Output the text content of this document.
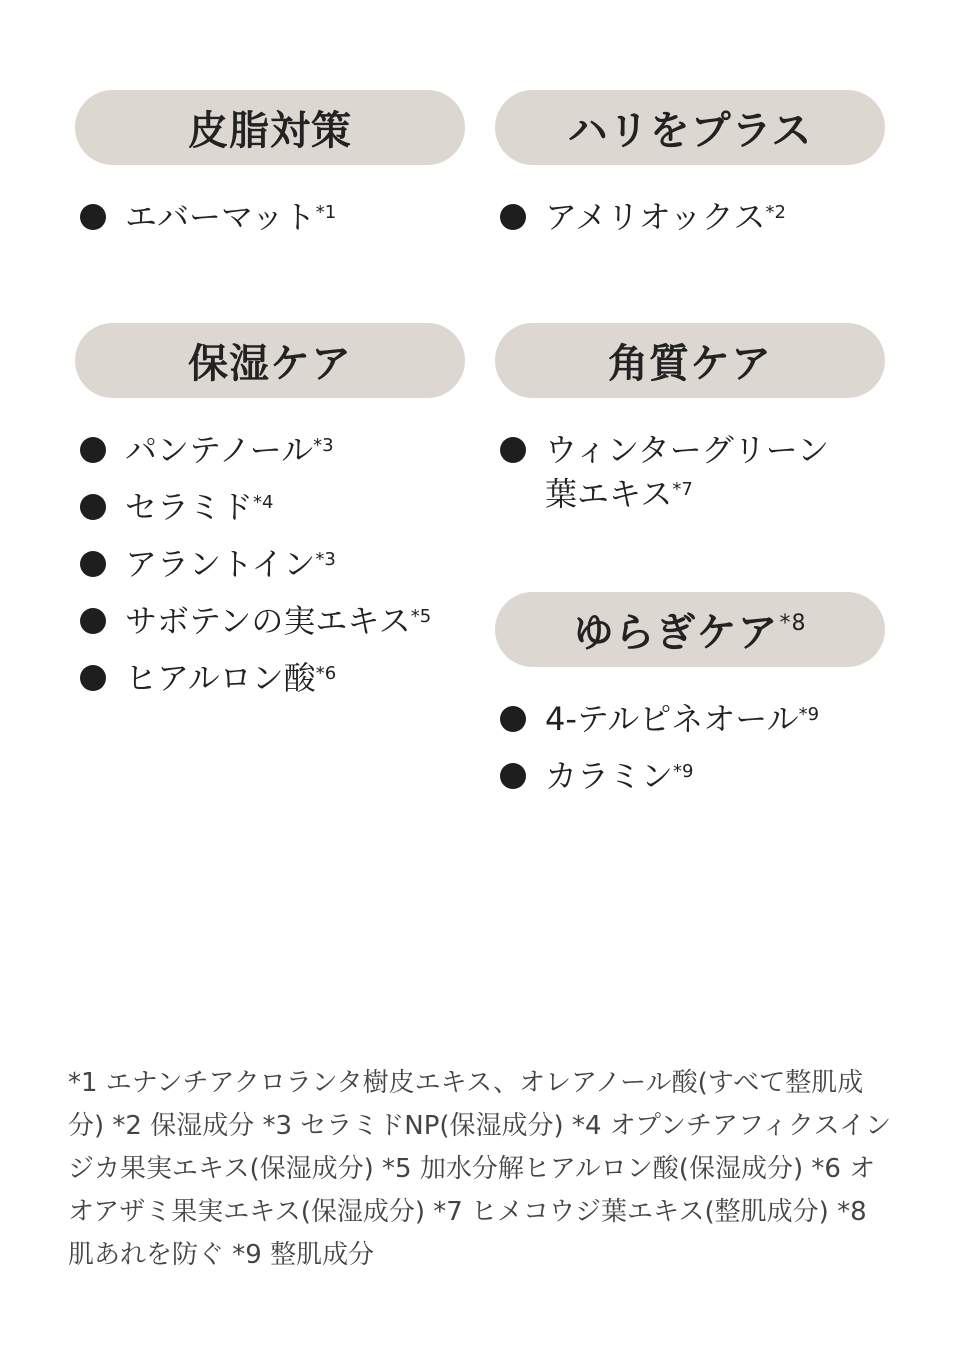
皮脂対策
エバーマット$^{*1}$
ハリをプラス
アメリオックス$^{*2}$
保湿ケア
パンテノール$^{*3}$
セラミド$^{*4}$
アラントイン$^{*3}$
サボテンの実エキス$^{*5}$
ヒアルロン酸$^{*6}$
角質ケア
ウィンターグリーン葉エキス$^{*7}$
ゆらぎケア$^{*8}$
4-テルピネオール$^{*9}$
カラミン$^{*9}$

*1 エナンチアクロランタ樹皮エキス、オレアノール酸(すべて整肌成分) *2 保湿成分 *3 セラミドNP(保湿成分) *4 オプンチアフィクスインジカ果実エキス(保湿成分) *5 加水分解ヒアルロン酸(保湿成分) *6 オオアザミ果実エキス(保湿成分) *7 ヒメコウジ葉エキス(整肌成分) *8 肌あれを防ぐ *9 整肌成分
